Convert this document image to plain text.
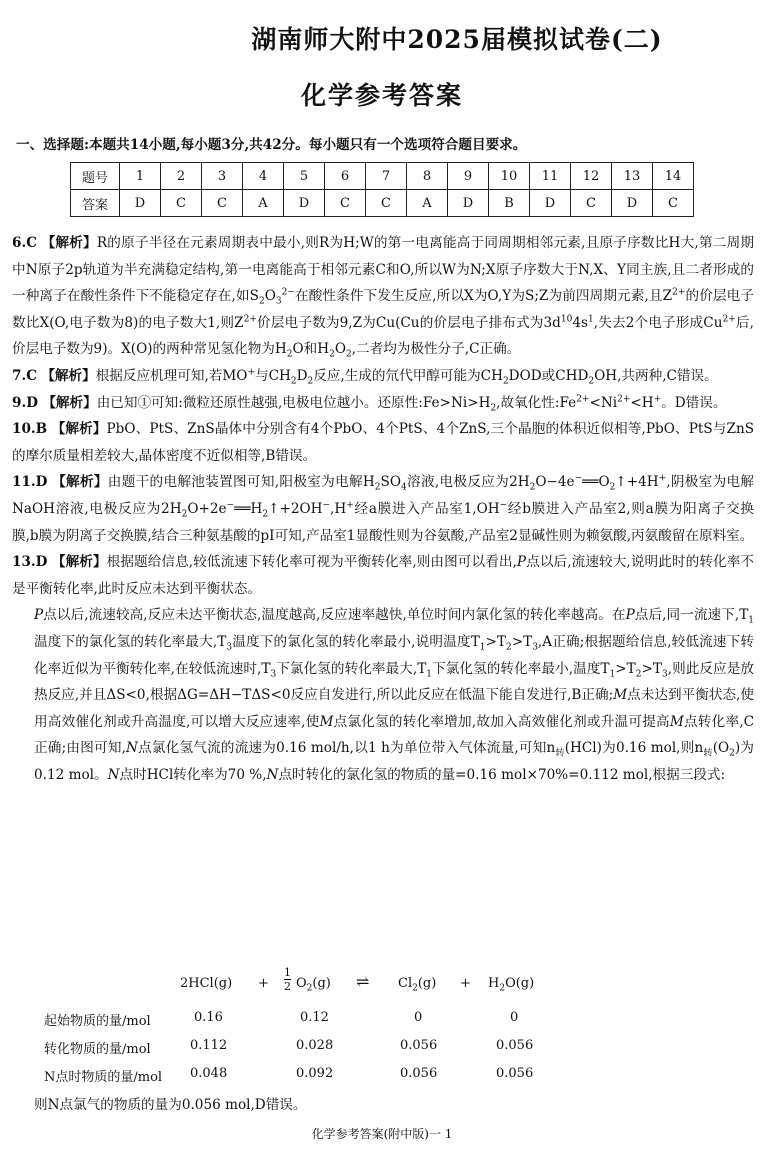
湖南师大附中2025届模拟试卷(二)
化学参考答案
一、选择题:本题共14小题,每小题3分,共42分。每小题只有一个选项符合题目要求。
题号	1	2	3	4	5	6	7	8	9	10	11	12	13	14
答案	D	C	C	A	D	C	C	A	D	B	D	C	D	C
6.C 【解析】R的原子半径在元素周期表中最小,则R为H;W的第一电离能高于同周期相邻元素,且原子序数比H大,第二周期中N原子2p轨道为半充满稳定结构,第一电离能高于相邻元素C和O,所以W为N;X原子序数大于N,X、Y同主族,且二者形成的一种离子在酸性条件下不能稳定存在,如$S_2O_3^{2-}$在酸性条件下发生反应,所以X为O,Y为S;Z为前四周期元素,且$Z^{2+}$的价层电子数比X(O,电子数为8)的电子数大1,则$Z^{2+}$价层电子数为9,Z为Cu(Cu的价层电子排布式为$3d^{10}4s^1$,失去2个电子形成$Cu^{2+}$后,价层电子数为9)。X(O)的两种常见氢化物为$H_2O$和$H_2O_2$,二者均为极性分子,C正确。
7.C 【解析】根据反应机理可知,若MO+与$CH_2D_2$反应,生成的氘代甲醇可能为$CH_2DOD$或$CHD_2OH$,共两种,C错误。
9.D 【解析】由已知①可知:微粒还原性越强,电极电位越小。还原性$:Fe>Ni>H_2$,故氧化性$:Fe^{2+}<Ni^{2+}<H^+$。D错误。
10.B 【解析】PbO、PtS、ZnS晶体中分别含有4个PbO、4个PtS、4个ZnS,三个晶胞的体积近似相等,PbO、PtS与ZnS的摩尔质量相差较大,晶体密度不近似相等,B错误。
11.D 【解析】由题干的电解池装置图可知,阳极室为电解$H_2SO_4$溶液,电极反应为$2H_2O-4e^-══O_2↑+4H^+$,阴极室为电解NaOH溶液,电极反应为$2H_2O+2e^-══H_2↑+2OH^-,H^+$经a膜进入产品室1,OH−经b膜进入产品室2,则a膜为阳离子交换膜,b膜为阴离子交换膜,结合三种氨基酸的pI可知,产品室1显酸性则为谷氨酸,产品室2显碱性则为赖氨酸,丙氨酸留在原料室。
13.D 【解析】根据题给信息,较低流速下转化率可视为平衡转化率,则由图可以看出,P点以后,流速较大,说明此时的转化率不是平衡转化率,此时反应未达到平衡状态。
P点以后,流速较高,反应未达平衡状态,温度越高,反应速率越快,单位时间内氯化氢的转化率越高。在P点后,同一流速下$,T_1$温度下的氯化氢的转化率最大$,T_3$温度下的氯化氢的转化率最小,说明温度$T_1>T_2>T_3,A$正确;根据题给信息,较低流速下转化率近似为平衡转化率,在较低流速时$,T_3$下氯化氢的转化率最大$,T_1$下氯化氢的转化率最小,温度$T_1>T_2>T_3$,则此反应是放热反应,并且ΔS<0,根据ΔG=ΔH−TΔS<0反应自发进行,所以此反应在低温下能自发进行,B正确;M点未达到平衡状态,使用高效催化剂或升高温度,可以增大反应速率,使M点氯化氢的转化率增加,故加入高效催化剂或升温可提高M点转化率,C正确;由图可知,N点氯化氢气流的流速为0.16 mol/h,以1 h为单位带入气体流量,可知$n_转(HCl)$为0.16 mol,则$n_转(O_2)$为0.12 mol。N点时HCl转化率为70 %,N点时转化的氯化氢的物质的量=0.16 mol×70%=0.112 mol,根据三段式:
$2HCl(g) + \frac{1}{2} O_2(g)$ ⇌ $Cl_2(g) + H_2O(g)$
起始物质的量/mol	0.16	0.12	0	0
转化物质的量/mol	0.112	0.028	0.056	0.056
N点时物质的量/mol 0.048	0.092	0.056	0.056
则N点氯气的物质的量为0.056 mol,D错误。
化学参考答案(附中版)一 1
